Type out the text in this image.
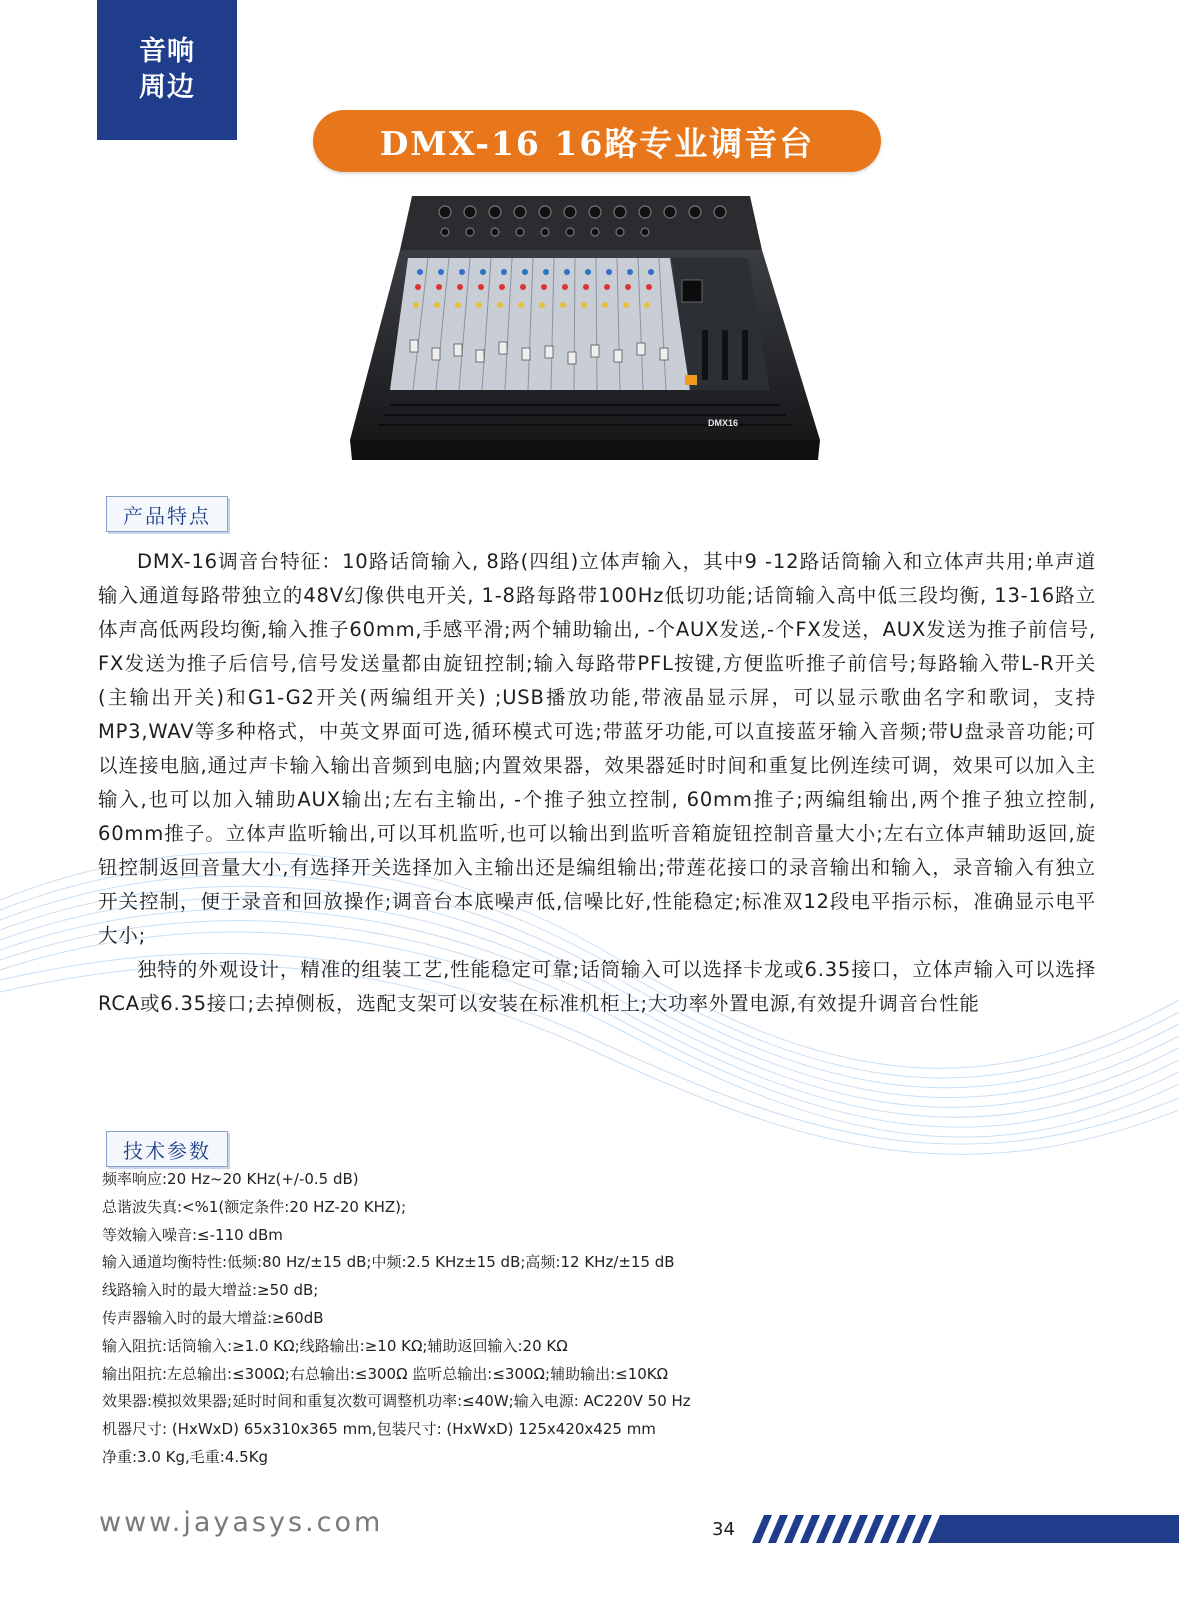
音响
周边
DMX-16 16路专业调音台
DMX16
产品特点

DMX-16调音台特征：10路话筒输入, 8路(四组)立体声输入，其中9 -12路话筒输入和立体声共用;单声道输入通道每路带独立的48V幻像供电开关, 1-8路每路带100Hz低切功能;话筒输入高中低三段均衡, 13-16路立体声高低两段均衡,输入推子60mm,手感平滑;两个辅助输出, -个AUX发送,-个FX发送，AUX发送为推子前信号, FX发送为推子后信号,信号发送量都由旋钮控制;输入每路带PFL按键,方便监听推子前信号;每路输入带L-R开关(主输出开关)和G1-G2开关(两编组开关) ;USB播放功能,带液晶显示屏，可以显示歌曲名字和歌词，支持MP3,WAV等多种格式，中英文界面可选,循环模式可选;带蓝牙功能,可以直接蓝牙输入音频;带U盘录音功能;可以连接电脑,通过声卡输入输出音频到电脑;内置效果器，效果器延时时间和重复比例连续可调，效果可以加入主输入,也可以加入辅助AUX输出;左右主输出, -个推子独立控制, 60mm推子;两编组输出,两个推子独立控制, 60mm推子。立体声监听输出,可以耳机监听,也可以输出到监听音箱旋钮控制音量大小;左右立体声辅助返回,旋钮控制返回音量大小,有选择开关选择加入主输出还是编组输出;带莲花接口的录音输出和输入，录音输入有独立开关控制，便于录音和回放操作;调音台本底噪声低,信噪比好,性能稳定;标准双12段电平指示标，准确显示电平大小;

独特的外观设计，精准的组装工艺,性能稳定可靠;话筒输入可以选择卡龙或6.35接口，立体声输入可以选择RCA或6.35接口;去掉侧板，选配支架可以安装在标准机柜上;大功率外置电源,有效提升调音台性能

技术参数
频率响应:20 Hz~20 KHz(+/-0.5 dB)
总谐波失真:<%1(额定条件:20 HZ-20 KHZ);
等效输入噪音:≤-110 dBm
输入通道均衡特性:低频:80 Hz/±15 dB;中频:2.5 KHz±15 dB;高频:12 KHz/±15 dB
线路输入时的最大增益:≥50 dB;
传声器输入时的最大增益:≥60dB
输入阻抗:话筒输入:≥1.0 KΩ;线路输出:≥10 KΩ;辅助返回输入:20 KΩ
输出阻抗:左总输出:≤300Ω;右总输出:≤300Ω 监听总输出:≤300Ω;辅助输出:≤10KΩ
效果器:模拟效果器;延时时间和重复次数可调整机功率:≤40W;输入电源: AC220V 50 Hz
机器尺寸: (HxWxD) 65x310x365 mm,包装尺寸: (HxWxD) 125x420x425 mm
净重:3.0 Kg,毛重:4.5Kg
www.jayasys.com	34
